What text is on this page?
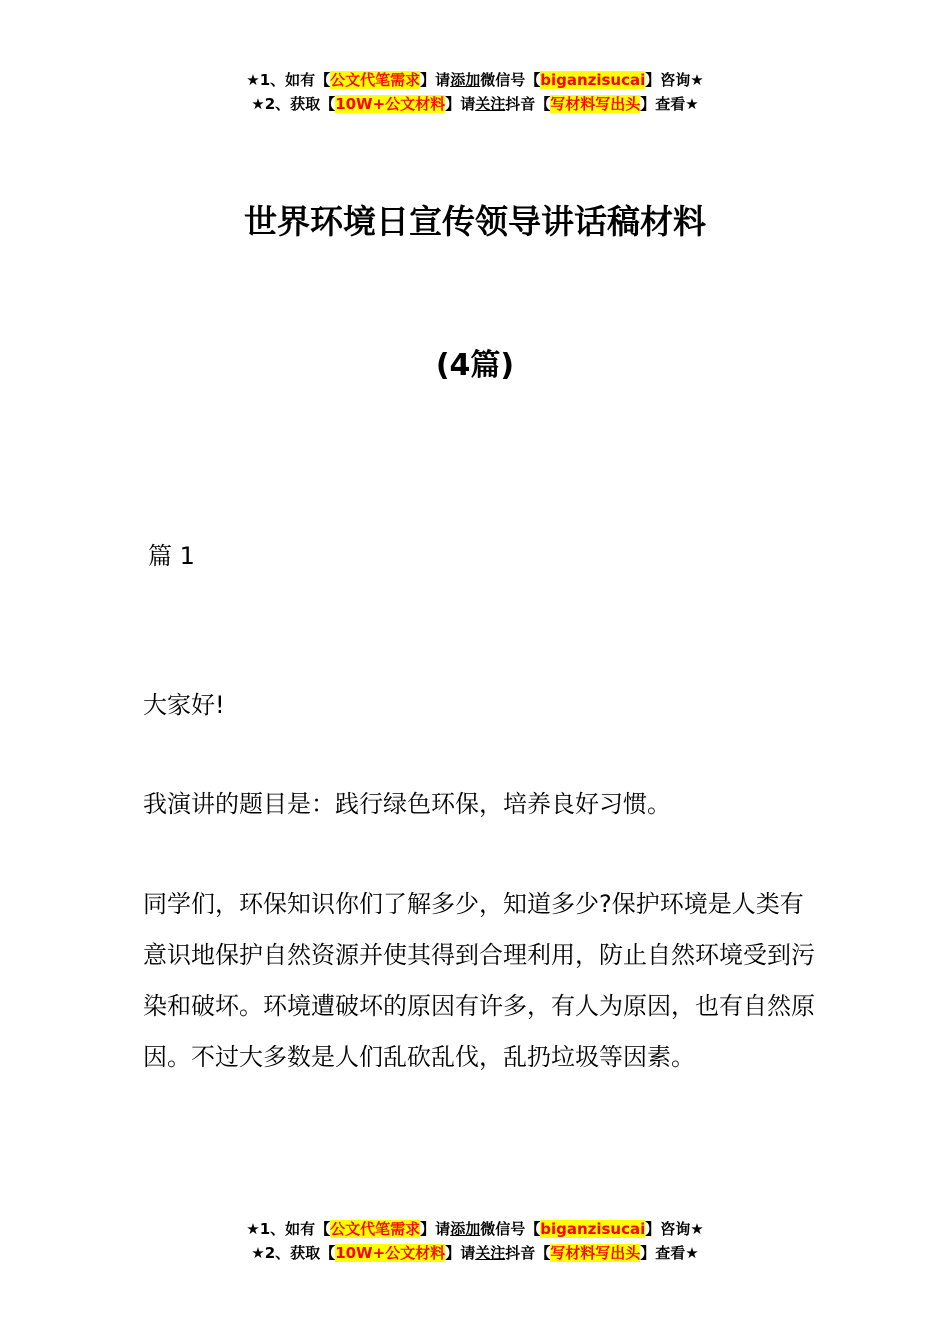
★1、如有【公文代笔需求】请添加微信号【biganzisucai】咨询★
★2、获取【10W+公文材料】请关注抖音【写材料写出头】查看★
世界环境日宣传领导讲话稿材料
(4篇)
篇 1

大家好!

我演讲的题目是：践行绿色环保，培养良好习惯。

同学们，环保知识你们了解多少，知道多少?保护环境是人类有意识地保护自然资源并使其得到合理利用，防止自然环境受到污染和破坏。环境遭破坏的原因有许多，有人为原因，也有自然原因。不过大多数是人们乱砍乱伐，乱扔垃圾等因素。

★1、如有【公文代笔需求】请添加微信号【biganzisucai】咨询★
★2、获取【10W+公文材料】请关注抖音【写材料写出头】查看★
